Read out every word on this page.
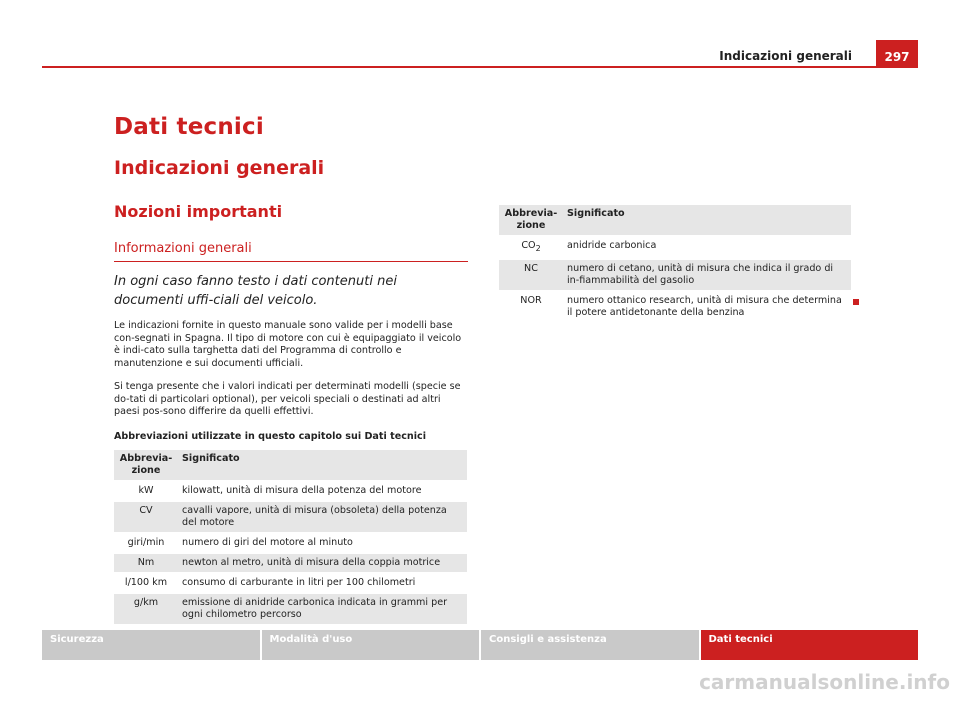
Indicazioni generali	297
Dati tecnici
Indicazioni generali
Nozioni importanti
Informazioni generali
In ogni caso fanno testo i dati contenuti nei documenti uffi-ciali del veicolo.
Le indicazioni fornite in questo manuale sono valide per i modelli base con-segnati in Spagna. Il tipo di motore con cui è equipaggiato il veicolo è indi-cato sulla targhetta dati del Programma di controllo e manutenzione e sui documenti ufficiali.
Si tenga presente che i valori indicati per determinati modelli (specie se do-tati di particolari optional), per veicoli speciali o destinati ad altri paesi pos-sono differire da quelli effettivi.
Abbreviazioni utilizzate in questo capitolo sui Dati tecnici
Abbrevia-zione	Significato
kW	kilowatt, unità di misura della potenza del motore
CV	cavalli vapore, unità di misura (obsoleta) della potenza del motore
giri/min	numero di giri del motore al minuto
Nm	newton al metro, unità di misura della coppia motrice
l/100 km	consumo di carburante in litri per 100 chilometri
g/km	emissione di anidride carbonica indicata in grammi per ogni chilometro percorso
Abbrevia-zione	Significato
$CO_2$	anidride carbonica
NC	numero di cetano, unità di misura che indica il grado di in-fiammabilità del gasolio
NOR	numero ottanico research, unità di misura che determina il potere antidetonante della benzina
Sicurezza	Modalità d'uso	Consigli e assistenza	Dati tecnici
carmanualsonline.info
